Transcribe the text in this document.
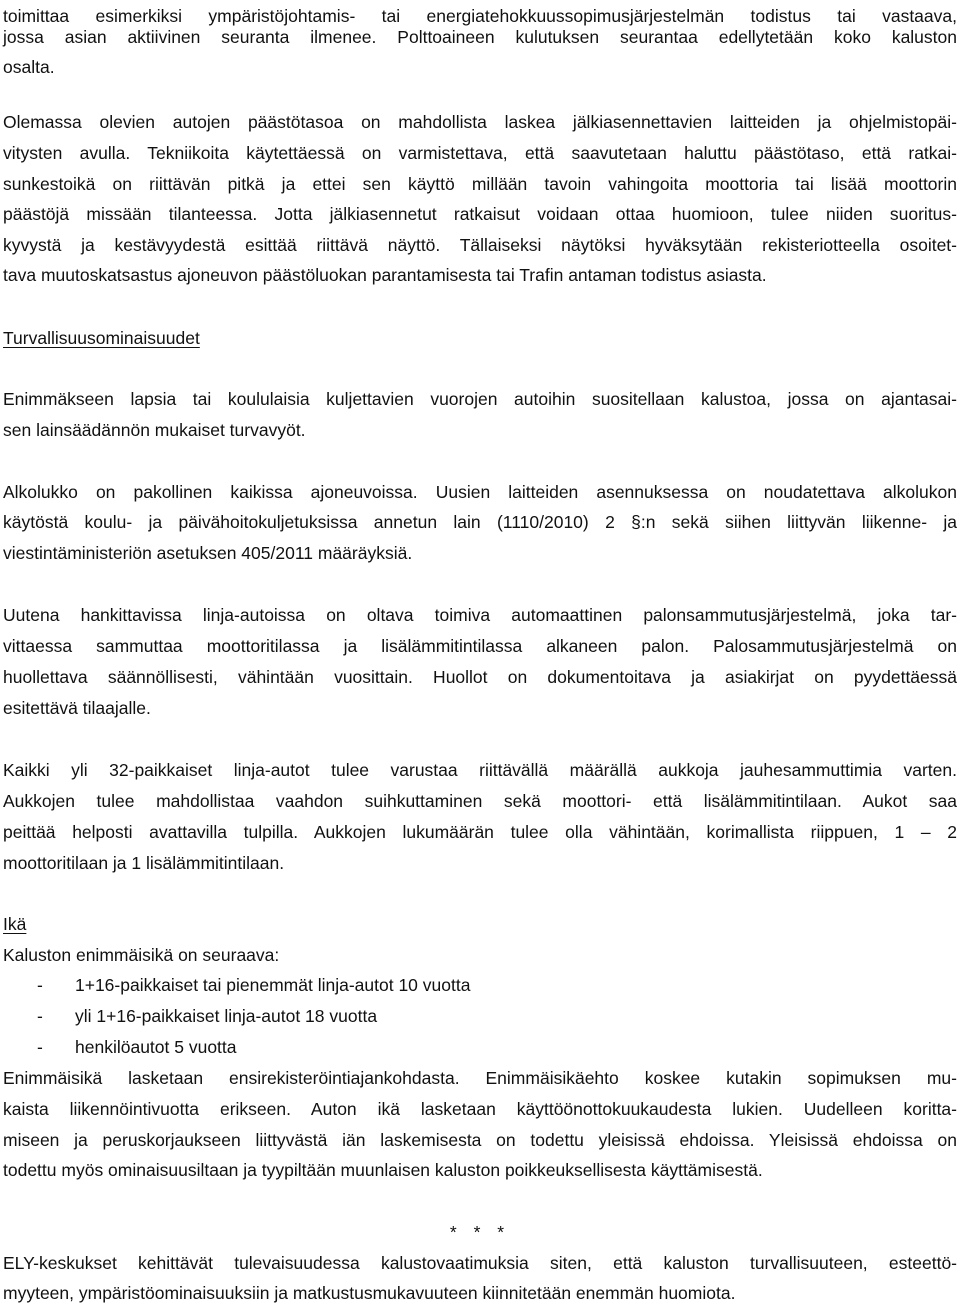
toimittaa esimerkiksi ympäristöjohtamis- tai energiatehokkuussopimusjärjestelmän todistus tai vastaava,
jossa asian aktiivinen seuranta ilmenee. Polttoaineen kulutuksen seurantaa edellytetään koko kaluston
osalta.
Olemassa olevien autojen päästötasoa on mahdollista laskea jälkiasennettavien laitteiden ja ohjelmistopäi-
vitysten avulla. Tekniikoita käytettäessä on varmistettava, että saavutetaan haluttu päästötaso, että ratkai-
sunkestoikä on riittävän pitkä ja ettei sen käyttö millään tavoin vahingoita moottoria tai lisää moottorin
päästöjä missään tilanteessa. Jotta jälkiasennetut ratkaisut voidaan ottaa huomioon, tulee niiden suoritus-
kyvystä ja kestävyydestä esittää riittävä näyttö. Tällaiseksi näytöksi hyväksytään rekisteriotteella osoitet-
tava muutoskatsastus ajoneuvon päästöluokan parantamisesta tai Trafin antaman todistus asiasta.
Turvallisuusominaisuudet
Enimmäkseen lapsia tai koululaisia kuljettavien vuorojen autoihin suositellaan kalustoa, jossa on ajantasai-
sen lainsäädännön mukaiset turvavyöt.
Alkolukko on pakollinen kaikissa ajoneuvoissa. Uusien laitteiden asennuksessa on noudatettava alkolukon
käytöstä koulu- ja päivähoitokuljetuksissa annetun lain (1110/2010) 2 §:n sekä siihen liittyvän liikenne- ja
viestintäministeriön asetuksen 405/2011 määräyksiä.
Uutena hankittavissa linja-autoissa on oltava toimiva automaattinen palonsammutusjärjestelmä, joka tar-
vittaessa sammuttaa moottoritilassa ja lisälämmitintilassa alkaneen palon. Palosammutusjärjestelmä on
huollettava säännöllisesti, vähintään vuosittain. Huollot on dokumentoitava ja asiakirjat on pyydettäessä
esitettävä tilaajalle.
Kaikki yli 32-paikkaiset linja-autot tulee varustaa riittävällä määrällä aukkoja jauhesammuttimia varten.
Aukkojen tulee mahdollistaa vaahdon suihkuttaminen sekä moottori- että lisälämmitintilaan. Aukot saa
peittää helposti avattavilla tulpilla. Aukkojen lukumäärän tulee olla vähintään, korimallista riippuen, 1 – 2
moottoritilaan ja 1 lisälämmitintilaan.
Ikä
Kaluston enimmäisikä on seuraava:
- 1+16-paikkaiset tai pienemmät linja-autot 10 vuotta
- yli 1+16-paikkaiset linja-autot 18 vuotta
- henkilöautot 5 vuotta
Enimmäisikä lasketaan ensirekisteröintiajankohdasta. Enimmäisikäehto koskee kutakin sopimuksen mu-
kaista liikennöintivuotta erikseen. Auton ikä lasketaan käyttöönottokuukaudesta lukien. Uudelleen koritta-
miseen ja peruskorjaukseen liittyvästä iän laskemisesta on todettu yleisissä ehdoissa. Yleisissä ehdoissa on
todettu myös ominaisuusiltaan ja tyypiltään muunlaisen kaluston poikkeuksellisesta käyttämisestä.
* * *
ELY-keskukset kehittävät tulevaisuudessa kalustovaatimuksia siten, että kaluston turvallisuuteen, esteettö-
myyteen, ympäristöominaisuuksiin ja matkustusmukavuuteen kiinnitetään enemmän huomiota.
